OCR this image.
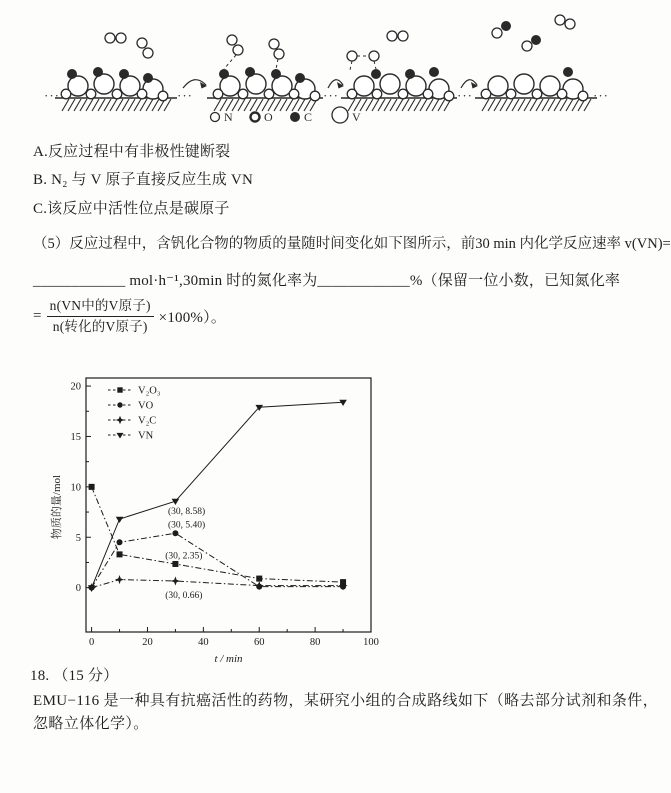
···	···	···
···	···
N	O	C	V
A.反应过程中有非极性键断裂
B. N₂ 与 V 原子直接反应生成 VN
C.该反应中活性位点是碳原子
（5）反应过程中，含钒化合物的物质的量随时间变化如下图所示，前30 min 内化学反应速率 v(VN)=
____________ mol·h⁻¹,30min 时的氮化率为____________%（保留一位小数，已知氮化率
= $\frac{\text{n(VN中的V原子)}}{\text{n(转化的V原子)}} \times 100\%$）。
0	20	40	60	80	100
0
5
10
15
20
(30, 8.58)
(30, 5.40)
(30, 2.35)
(30, 0.66)
V₂O₃
VO
V₂C
VN
t / min
物质的量/mol
18. （15 分）
EMU−116 是一种具有抗癌活性的药物，某研究小组的合成路线如下（略去部分试剂和条件，忽略立体化学）。
